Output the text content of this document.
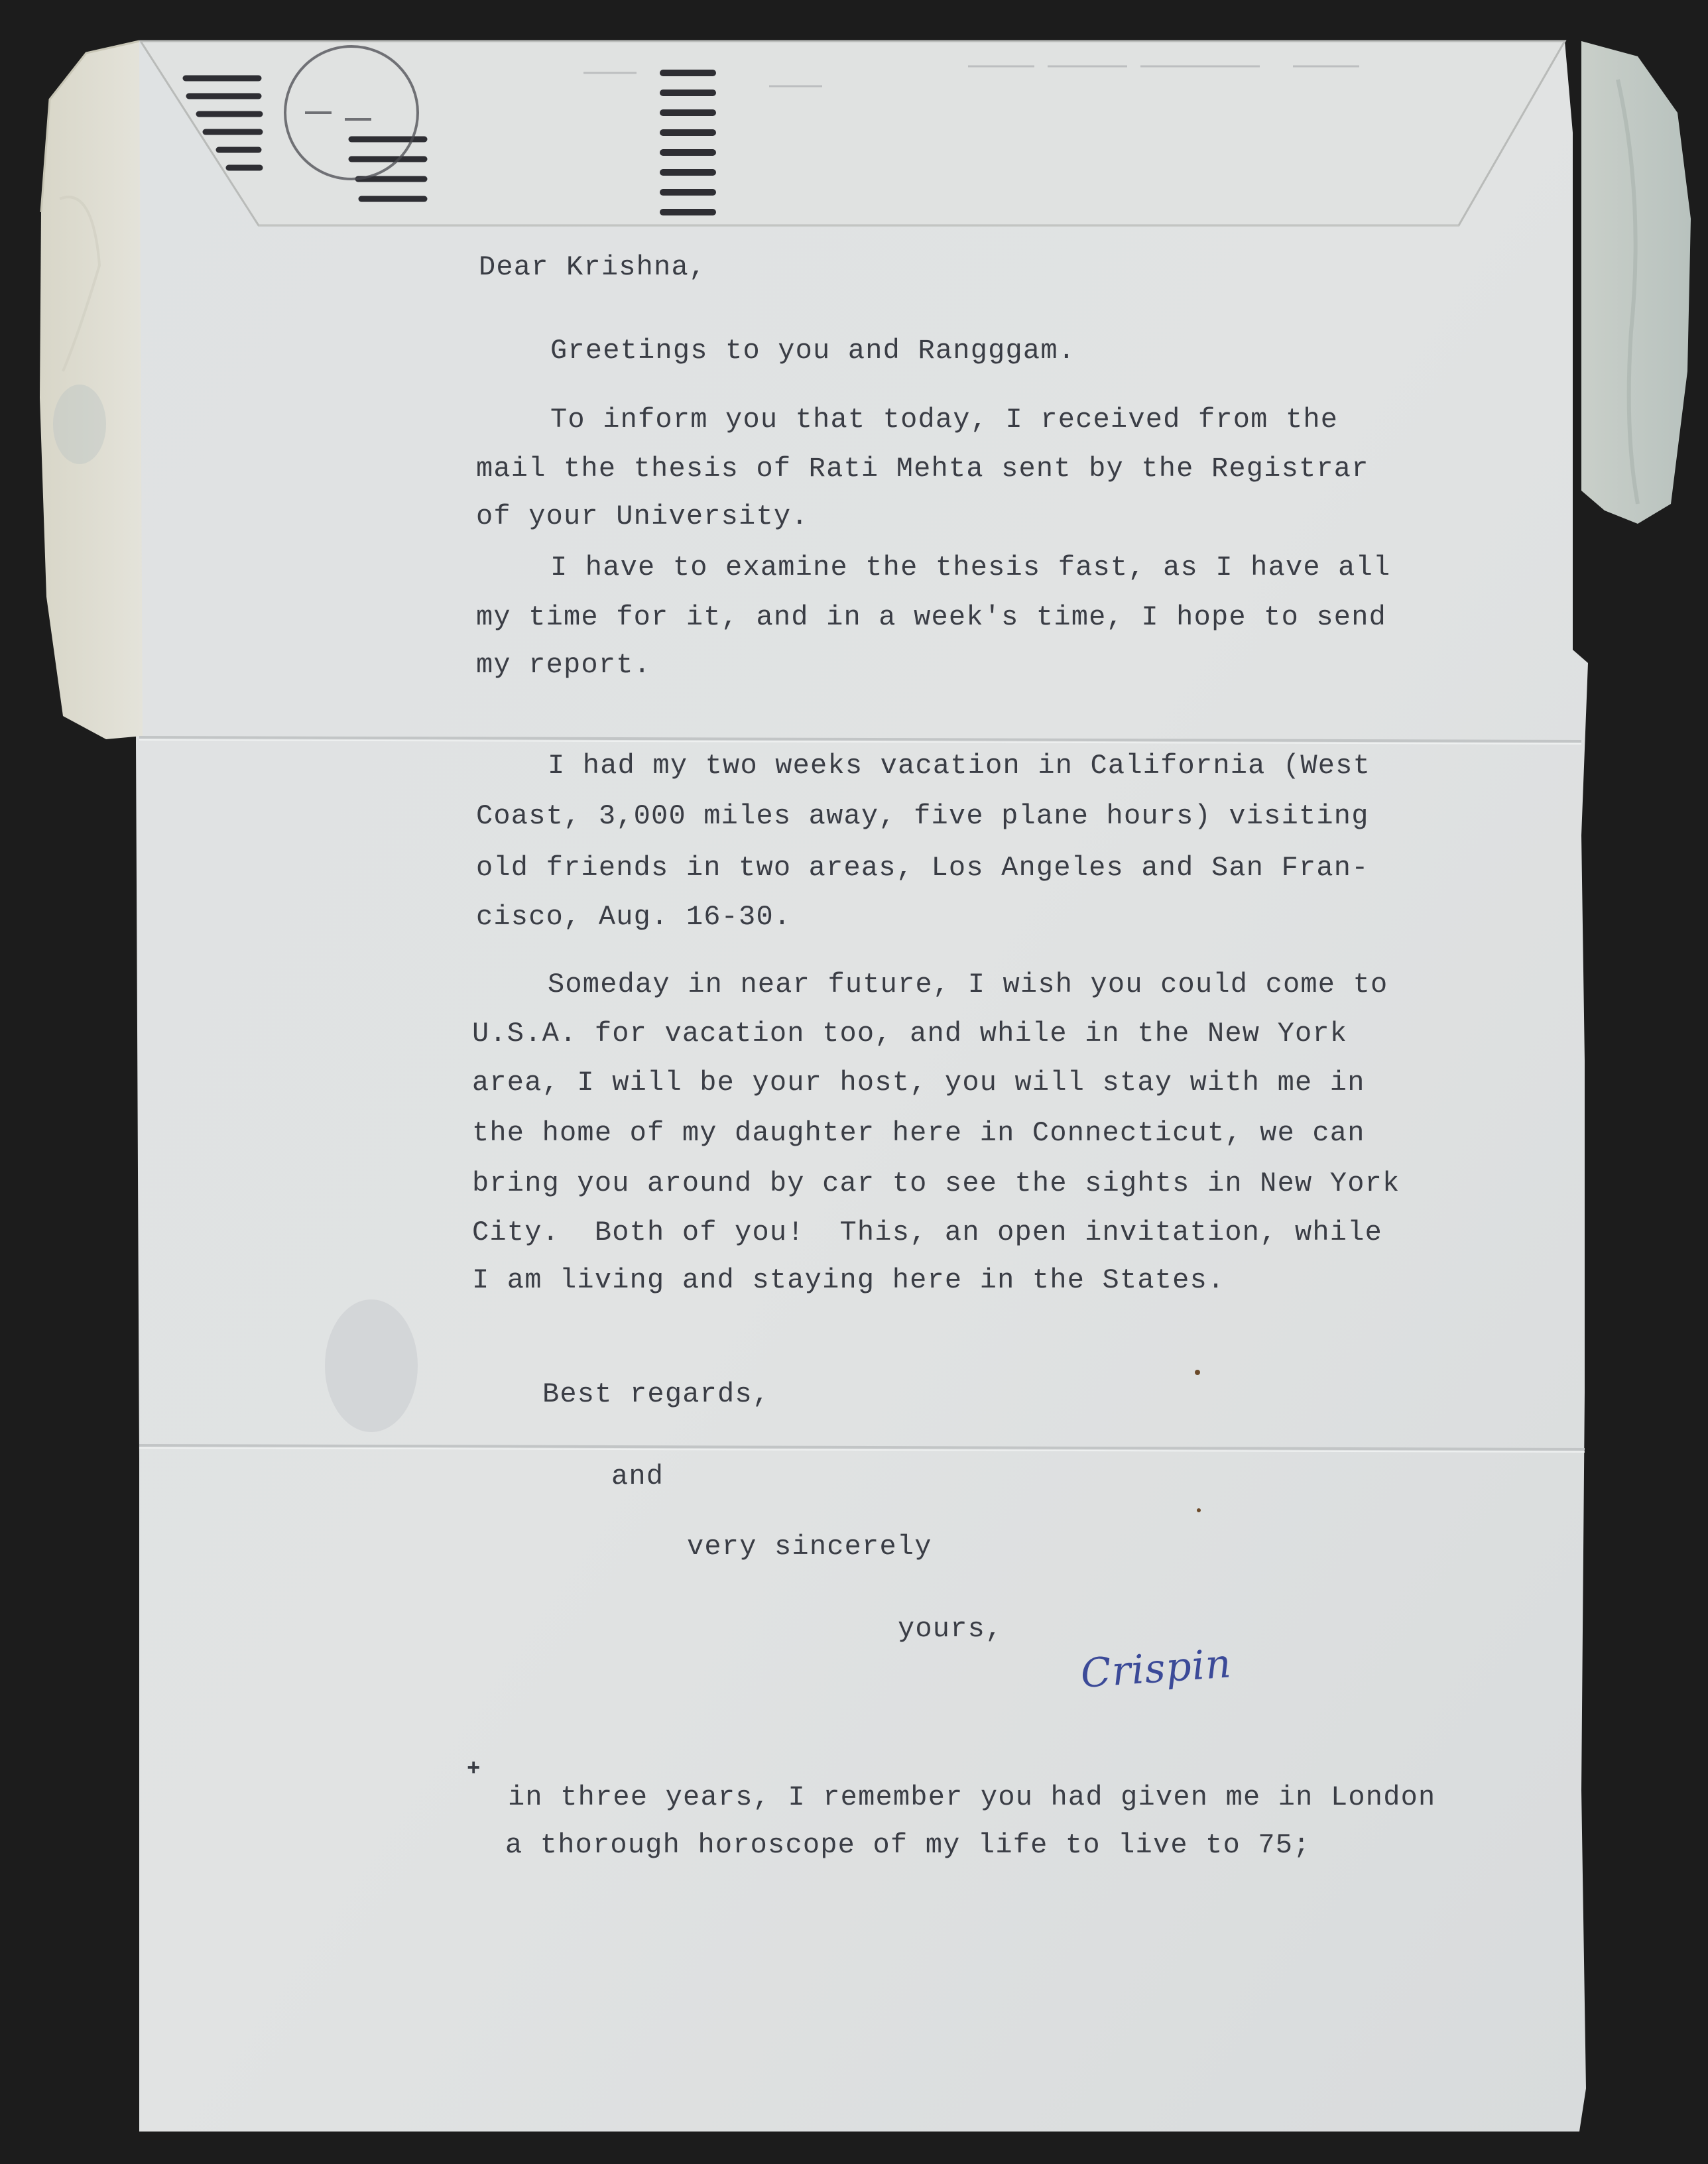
Dear Krishna,
Greetings to you and Rangggam.
To inform you that today, I received from the
mail the thesis of Rati Mehta sent by the Registrar
of your University.
I have to examine the thesis fast, as I have all
my time for it, and in a week's time, I hope to send
my report.
I had my two weeks vacation in California (West
Coast, 3,000 miles away, five plane hours) visiting
old friends in two areas, Los Angeles and San Fran-
cisco, Aug. 16-30.
Someday in near future, I wish you could come to
U.S.A. for vacation too, and while in the New York
area, I will be your host, you will stay with me in
the home of my daughter here in Connecticut, we can
bring you around by car to see the sights in New York
City.  Both of you!  This, an open invitation, while
I am living and staying here in the States.
Best regards,
and
very sincerely
yours,
Crispin
+
in three years, I remember you had given me in London
a thorough horoscope of my life to live to 75;
